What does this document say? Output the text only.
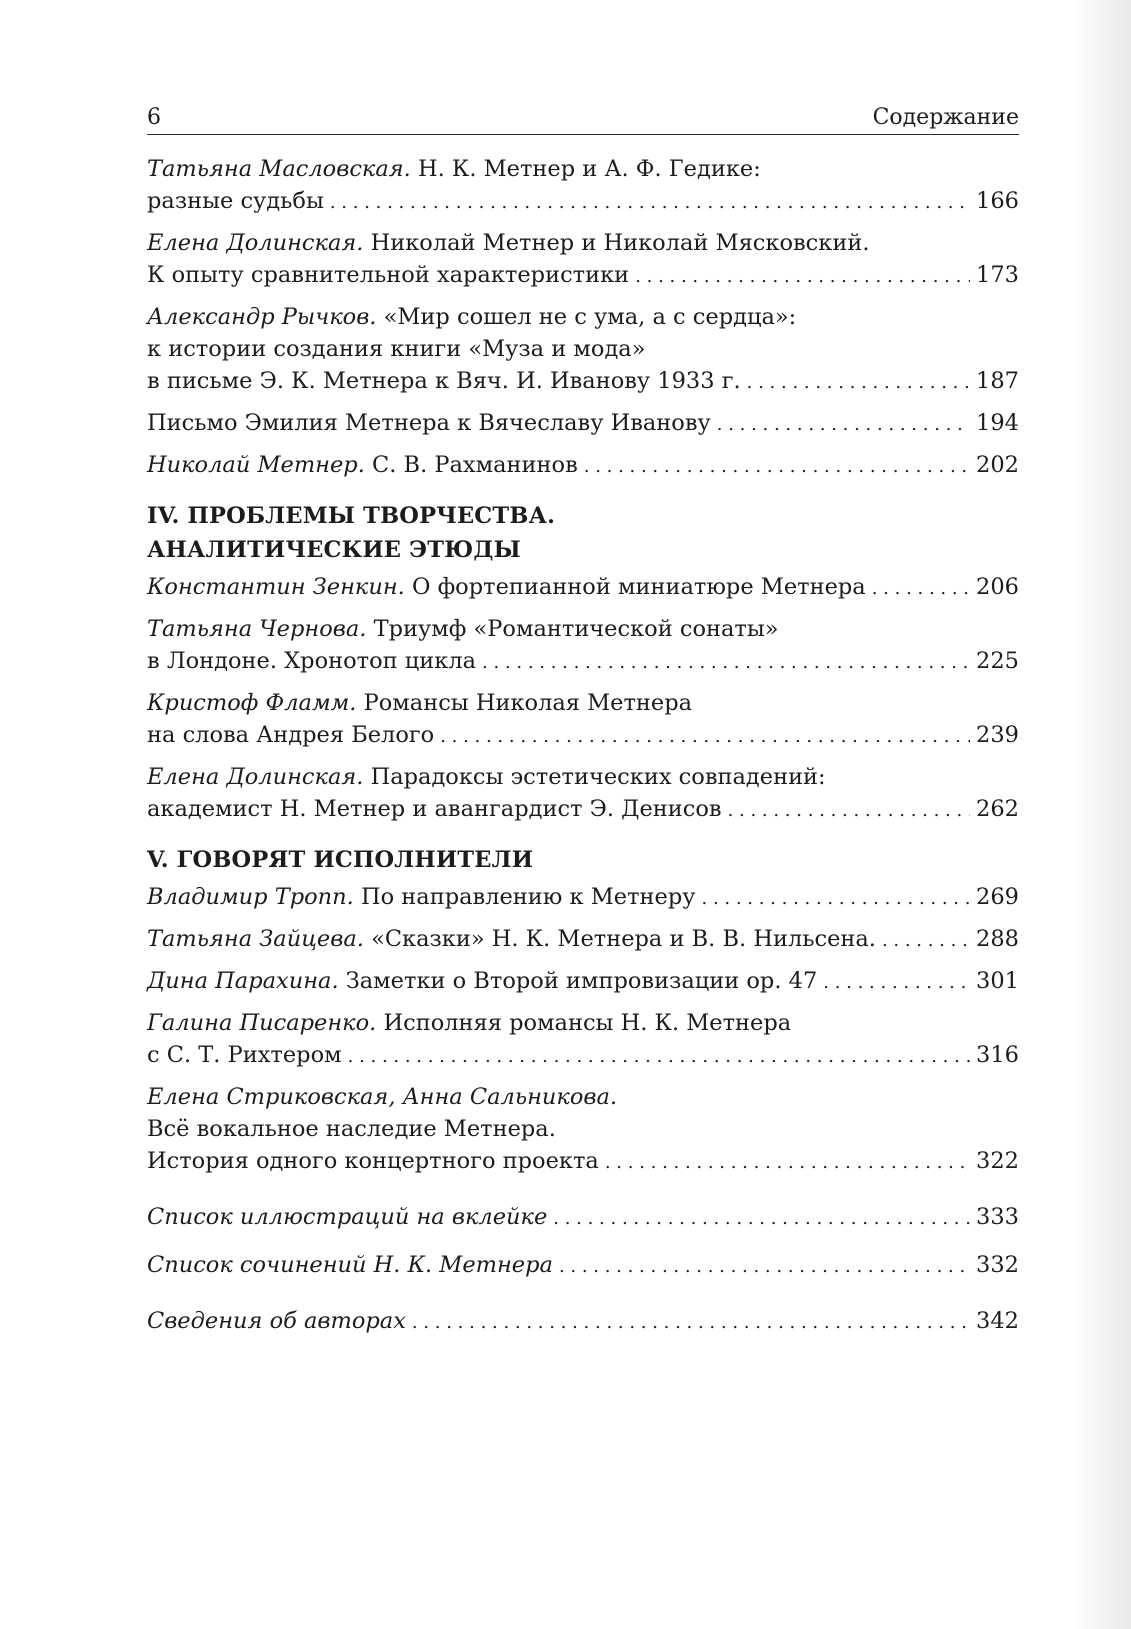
6	Содержание
Татьяна Масловская. Н. К. Метнер и А. Ф. Гедике:
разные судьбы . . .	166
Елена Долинская. Николай Метнер и Николай Мясковский.
К опыту сравнительной характеристики . . .	173
Александр Рычков. «Мир сошел не с ума, а с сердца»:
к истории создания книги «Муза и мода»
в письме Э. К. Метнера к Вяч. И. Иванову 1933 г. . . .	187
Письмо Эмилия Метнера к Вячеславу Иванову . . .	194
Николай Метнер. С. В. Рахманинов . . .	202
IV. ПРОБЛЕМЫ ТВОРЧЕСТВА.
АНАЛИТИЧЕСКИЕ ЭТЮДЫ
Константин Зенкин. О фортепианной миниатюре Метнера . . .	206
Татьяна Чернова. Триумф «Романтической сонаты»
в Лондоне. Хронотоп цикла . . .	225
Кристоф Фламм. Романсы Николая Метнера
на слова Андрея Белого . . .	239
Елена Долинская. Парадоксы эстетических совпадений:
академист Н. Метнер и авангардист Э. Денисов . . .	262
V. ГОВОРЯТ ИСПОЛНИТЕЛИ
Владимир Тропп. По направлению к Метнеру . . .	269
Татьяна Зайцева. «Сказки» Н. К. Метнера и В. В. Нильсена. . . .	288
Дина Парахина. Заметки о Второй импровизации ор. 47 . . .	301
Галина Писаренко. Исполняя романсы Н. К. Метнера
с С. Т. Рихтером . . .	316
Елена Стриковская, Анна Сальникова.
Всё вокальное наследие Метнера.
История одного концертного проекта . . .	322
Список иллюстраций на вклейке . . .	333
Список сочинений Н. К. Метнера . . .	332
Сведения об авторах . . .	342
